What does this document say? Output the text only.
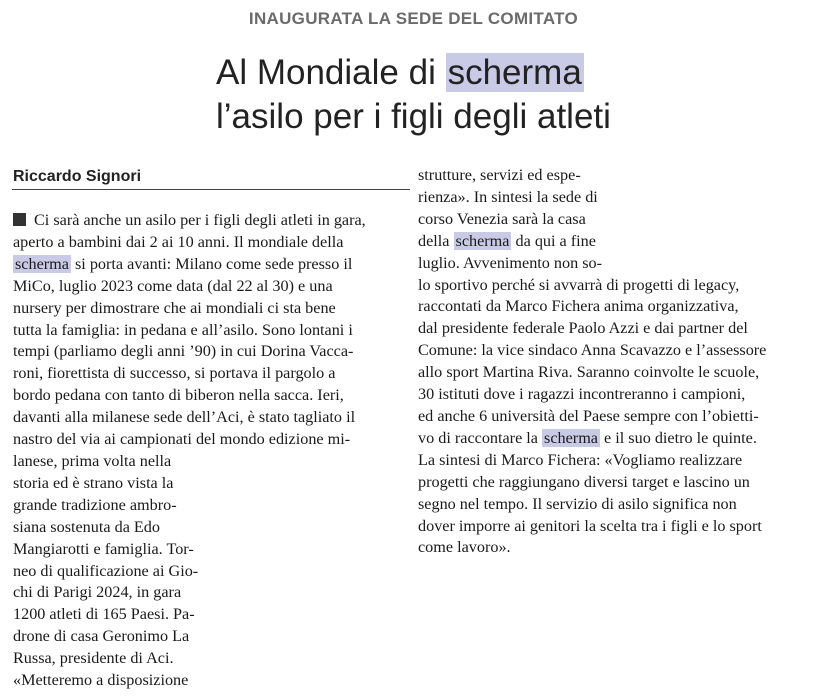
INAUGURATA LA SEDE DEL COMITATO
Al Mondiale di scherma
l’asilo per i figli degli atleti
Riccardo Signori
Ci sarà anche un asilo per i figli degli atleti in gara,
aperto a bambini dai 2 ai 10 anni. Il mondiale della
scherma si porta avanti: Milano come sede presso il
MiCo, luglio 2023 come data (dal 22 al 30) e una
nursery per dimostrare che ai mondiali ci sta bene
tutta la famiglia: in pedana e all’asilo. Sono lontani i
tempi (parliamo degli anni ’90) in cui Dorina Vacca-
roni, fiorettista di successo, si portava il pargolo a
bordo pedana con tanto di biberon nella sacca. Ieri,
davanti alla milanese sede dell’Aci, è stato tagliato il
nastro del via ai campionati del mondo edizione mi-
lanese, prima volta nella
storia ed è strano vista la
grande tradizione ambro-
siana sostenuta da Edo
Mangiarotti e famiglia. Tor-
neo di qualificazione ai Gio-
chi di Parigi 2024, in gara
1200 atleti di 165 Paesi. Pa-
drone di casa Geronimo La
Russa, presidente di Aci.
«Metteremo a disposizione
strutture, servizi ed espe-
rienza». In sintesi la sede di
corso Venezia sarà la casa
della scherma da qui a fine
luglio. Avvenimento non so-
lo sportivo perché si avvarrà di progetti di legacy,
raccontati da Marco Fichera anima organizzativa,
dal presidente federale Paolo Azzi e dai partner del
Comune: la vice sindaco Anna Scavazzo e l’assessore
allo sport Martina Riva. Saranno coinvolte le scuole,
30 istituti dove i ragazzi incontreranno i campioni,
ed anche 6 università del Paese sempre con l’obietti-
vo di raccontare la scherma e il suo dietro le quinte.
La sintesi di Marco Fichera: «Vogliamo realizzare
progetti che raggiungano diversi target e lascino un
segno nel tempo. Il servizio di asilo significa non
dover imporre ai genitori la scelta tra i figli e lo sport
come lavoro».
